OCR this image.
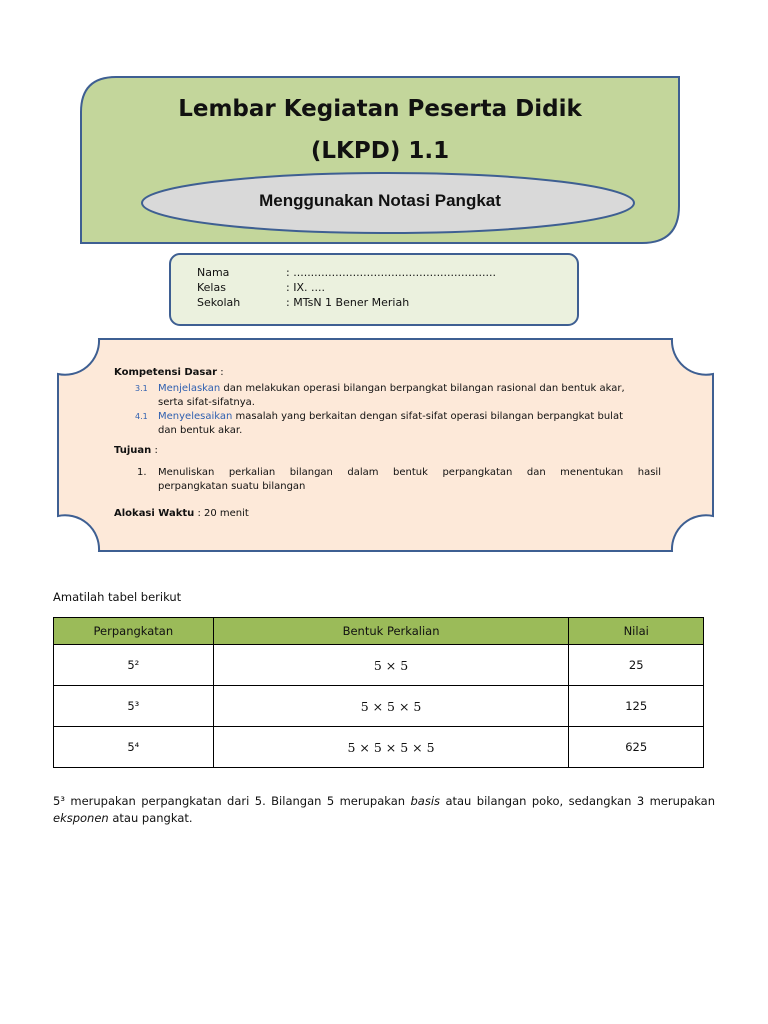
Lembar Kegiatan Peserta Didik
(LKPD) 1.1
Menggunakan Notasi Pangkat
Nama	: ..........................................................
Kelas	: IX. ....
Sekolah	: MTsN 1 Bener Meriah
Kompetensi Dasar :
3.1 Menjelaskan dan melakukan operasi bilangan berpangkat bilangan rasional dan bentuk akar,
serta sifat-sifatnya.
4.1 Menyelesaikan masalah yang berkaitan dengan sifat-sifat operasi bilangan berpangkat bulat
dan bentuk akar.
Tujuan :
1. Menuliskan perkalian bilangan dalam bentuk perpangkatan dan menentukan hasil
perpangkatan suatu bilangan
Alokasi Waktu : 20 menit
Amatilah tabel berikut
Perpangkatan	Bentuk Perkalian	Nilai
5²	5 × 5	25
5³	5 × 5 × 5	125
5⁴	5 × 5 × 5 × 5	625
5³ merupakan perpangkatan dari 5. Bilangan 5 merupakan basis atau bilangan poko, sedangkan 3 merupakan eksponen atau pangkat.
